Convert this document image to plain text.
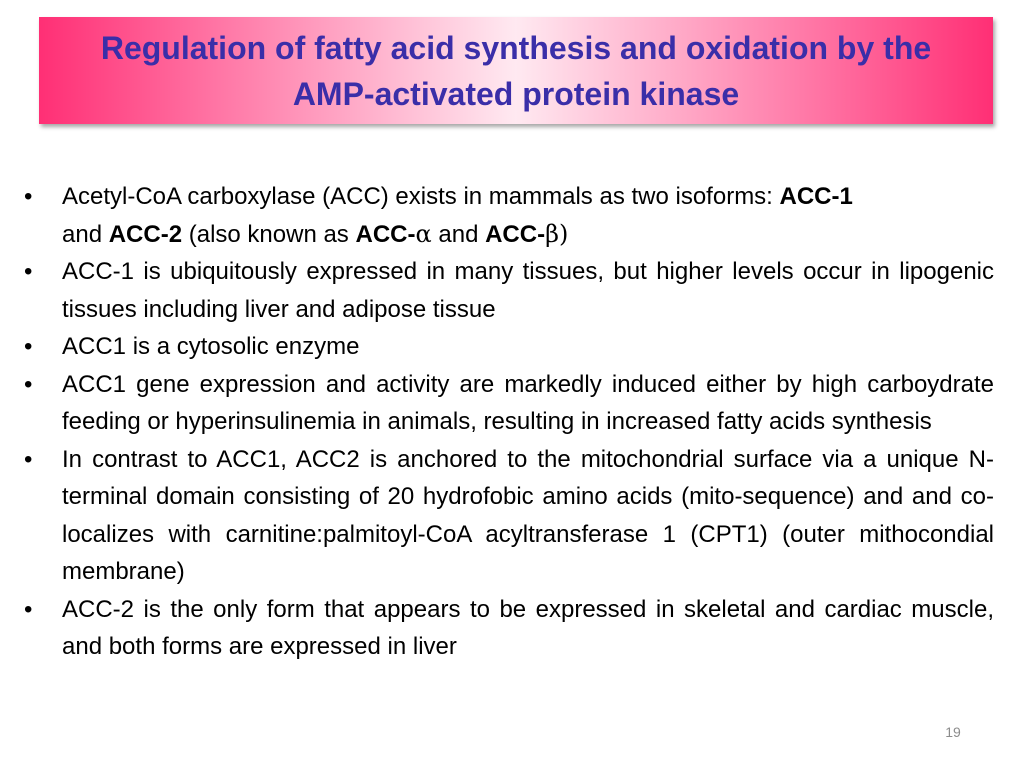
Regulation of fatty acid synthesis and oxidation by the
AMP-activated protein kinase
•	Acetyl-CoA carboxylase (ACC) exists in mammals as two isoforms: ACC-1
and ACC-2 (also known as ACC-α and ACC-β)
•	ACC-1 is ubiquitously expressed in many tissues, but higher levels occur in lipogenic tissues including liver and adipose tissue
•	ACC1 is a cytosolic enzyme
•	ACC1 gene expression and activity are markedly induced either by high carboydrate feeding or hyperinsulinemia in animals, resulting in increased fatty acids synthesis
•	In contrast to ACC1, ACC2 is anchored to the mitochondrial surface via a unique N-terminal domain consisting of 20 hydrofobic amino acids (mito-sequence) and and co-localizes with carnitine:palmitoyl-CoA acyltransferase 1 (CPT1) (outer mithocondial membrane)
•	ACC-2 is the only form that appears to be expressed in skeletal and cardiac muscle, and both forms are expressed in liver
19
